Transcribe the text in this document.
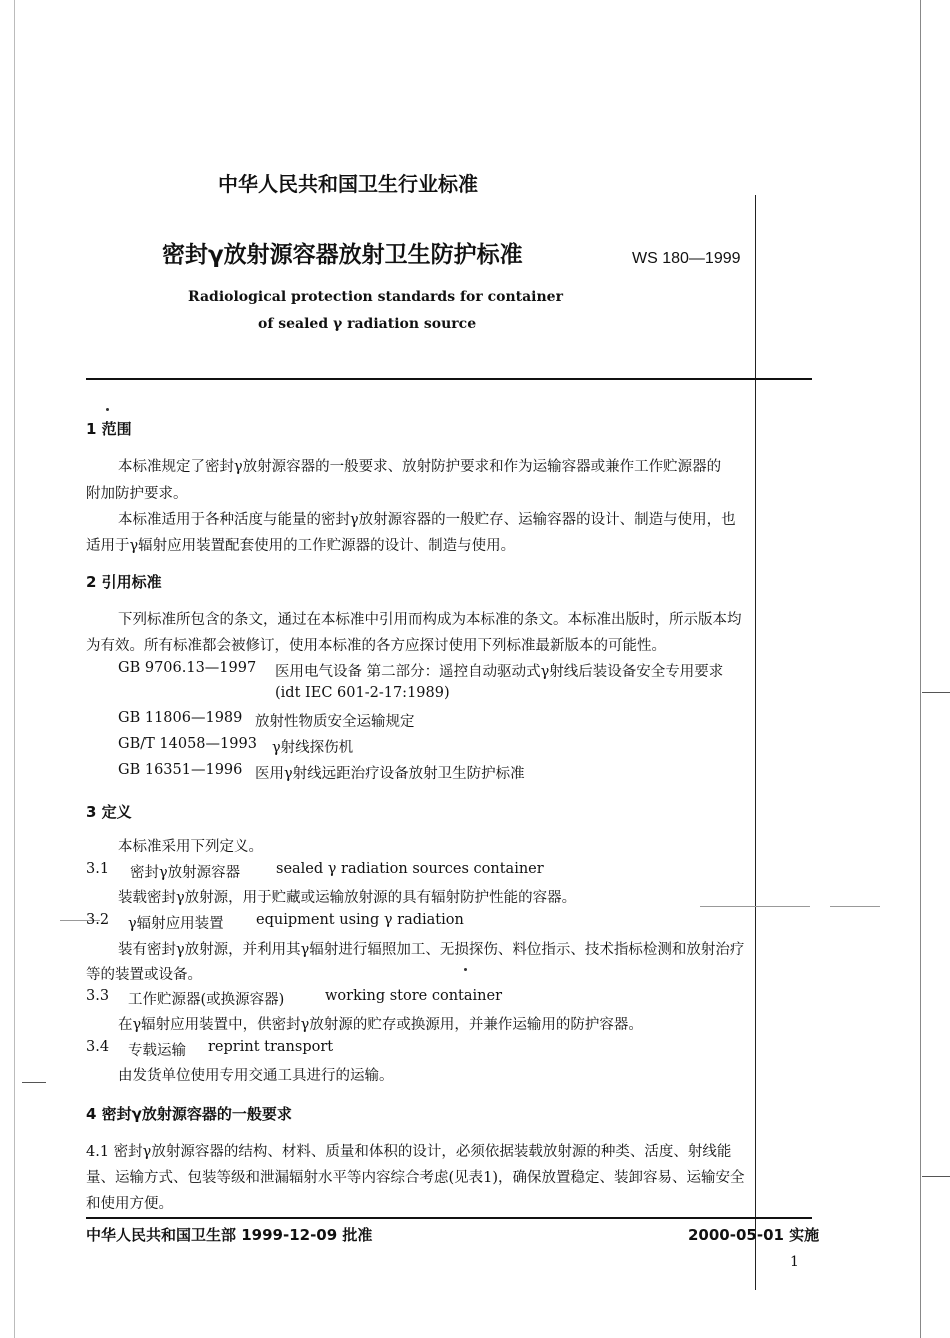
中华人民共和国卫生行业标准
密封γ放射源容器放射卫生防护标准	WS 180—1999
Radiological protection standards for container
of sealed γ radiation source
1 范围
本标准规定了密封γ放射源容器的一般要求、放射防护要求和作为运输容器或兼作工作贮源器的
附加防护要求。
本标准适用于各种活度与能量的密封γ放射源容器的一般贮存、运输容器的设计、制造与使用，也
适用于γ辐射应用装置配套使用的工作贮源器的设计、制造与使用。
2 引用标准
下列标准所包含的条文，通过在本标准中引用而构成为本标准的条文。本标准出版时，所示版本均
为有效。所有标准都会被修订，使用本标准的各方应探讨使用下列标准最新版本的可能性。
GB 9706.13—1997 医用电气设备 第二部分：遥控自动驱动式γ射线后装设备安全专用要求
(idt IEC 601-2-17:1989)
GB 11806—1989 放射性物质安全运输规定
GB/T 14058—1993 γ射线探伤机
GB 16351—1996 医用γ射线远距治疗设备放射卫生防护标准
3 定义
本标准采用下列定义。
3.1 密封γ放射源容器 sealed γ radiation sources container
装载密封γ放射源，用于贮藏或运输放射源的具有辐射防护性能的容器。
3.2 γ辐射应用装置 equipment using γ radiation
装有密封γ放射源，并利用其γ辐射进行辐照加工、无损探伤、料位指示、技术指标检测和放射治疗
等的装置或设备。
3.3 工作贮源器(或换源容器)	working store container
在γ辐射应用装置中，供密封γ放射源的贮存或换源用，并兼作运输用的防护容器。
3.4 专载运输 reprint transport
由发货单位使用专用交通工具进行的运输。
4 密封γ放射源容器的一般要求
4.1 密封γ放射源容器的结构、材料、质量和体积的设计，必须依据装载放射源的种类、活度、射线能
量、运输方式、包装等级和泄漏辐射水平等内容综合考虑(见表1)，确保放置稳定、装卸容易、运输安全
和使用方便。
中华人民共和国卫生部 1999-12-09 批准	2000-05-01 实施
1
